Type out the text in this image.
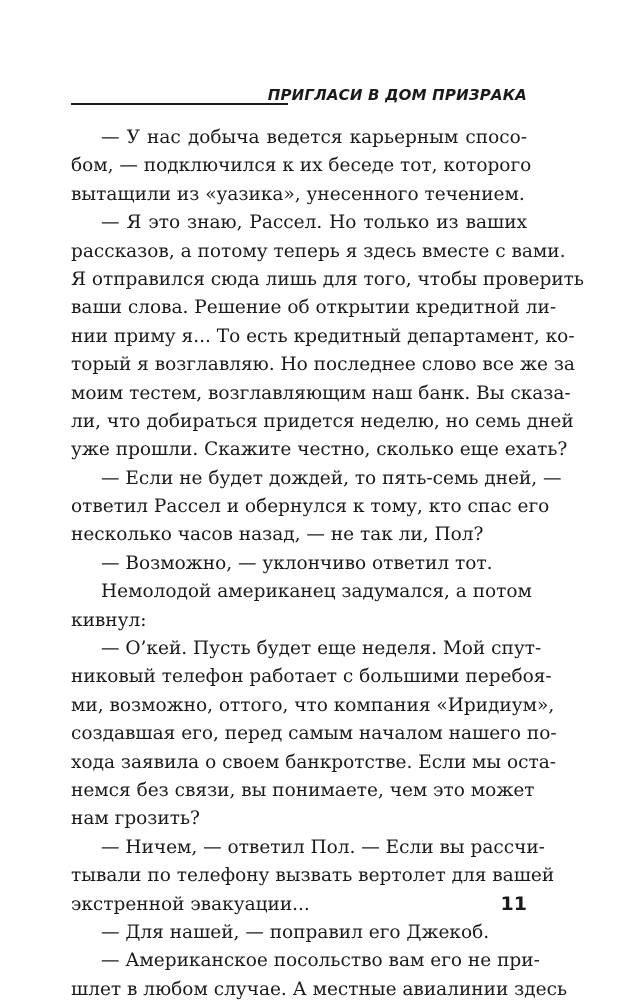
ПРИГЛАСИ В ДОМ ПРИЗРАКА
— У нас добыча ведется карьерным спосо-
бом, — подключился к их беседе тот, которого
вытащили из «уазика», унесенного течением.
— Я это знаю, Рассел. Но только из ваших
рассказов, а потому теперь я здесь вместе с вами.
Я отправился сюда лишь для того, чтобы проверить
ваши слова. Решение об открытии кредитной ли-
нии приму я... То есть кредитный департамент, ко-
торый я возглавляю. Но последнее слово все же за
моим тестем, возглавляющим наш банк. Вы сказа-
ли, что добираться придется неделю, но семь дней
уже прошли. Скажите честно, сколько еще ехать?
— Если не будет дождей, то пять-семь дней, —
ответил Рассел и обернулся к тому, кто спас его
несколько часов назад, — не так ли, Пол?
— Возможно, — уклончиво ответил тот.
Немолодой американец задумался, а потом
кивнул:
— О’кей. Пусть будет еще неделя. Мой спут-
никовый телефон работает с большими перебоя-
ми, возможно, оттого, что компания «Иридиум»,
создавшая его, перед самым началом нашего по-
хода заявила о своем банкротстве. Если мы оста-
немся без связи, вы понимаете, чем это может
нам грозить?
— Ничем, — ответил Пол. — Если вы рассчи-
тывали по телефону вызвать вертолет для вашей
экстренной эвакуации...
— Для нашей, — поправил его Джекоб.
— Американское посольство вам его не при-
шлет в любом случае. А местные авиалинии здесь
11
